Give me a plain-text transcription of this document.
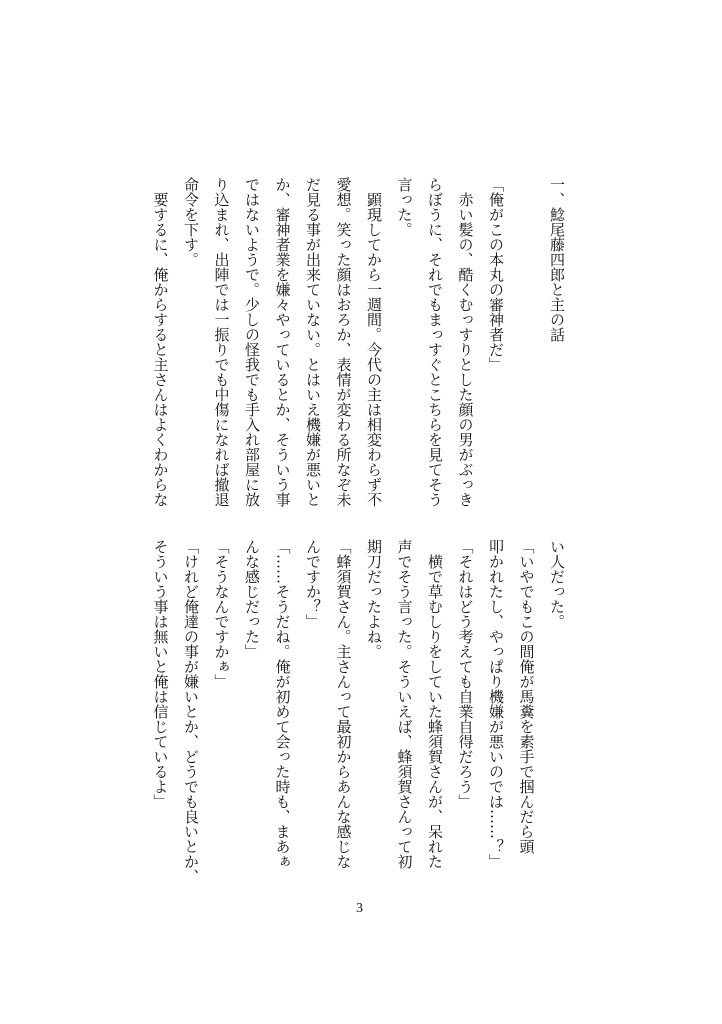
一、鯰尾藤四郎と主の話
「俺がこの本丸の審神者だ」
　赤い髪の、酷くむっすりとした顔の男がぶっき
らぼうに、それでもまっすぐとこちらを見てそう
言った。
　顕現してから一週間。今代の主は相変わらず不
愛想。笑った顔はおろか、表情が変わる所なぞ未
だ見る事が出来ていない。とはいえ機嫌が悪いと
か、審神者業を嫌々やっているとか、そういう事
ではないようで。少しの怪我でも手入れ部屋に放
り込まれ、出陣では一振りでも中傷になれば撤退
命令を下す。
　要するに、俺からすると主さんはよくわからな
い人だった。
「いやでもこの間俺が馬糞を素手で掴んだら頭
叩かれたし、やっぱり機嫌が悪いのでは……？」
「それはどう考えても自業自得だろう」
　横で草むしりをしていた蜂須賀さんが、呆れた
声でそう言った。そういえば、蜂須賀さんって初
期刀だったよね。
「蜂須賀さん。主さんって最初からあんな感じな
んですか？」
「……そうだね。俺が初めて会った時も、まあぁ
んな感じだった」
「そうなんですかぁ」
「けれど俺達の事が嫌いとか、どうでも良いとか、
そういう事は無いと俺は信じているよ」
3
